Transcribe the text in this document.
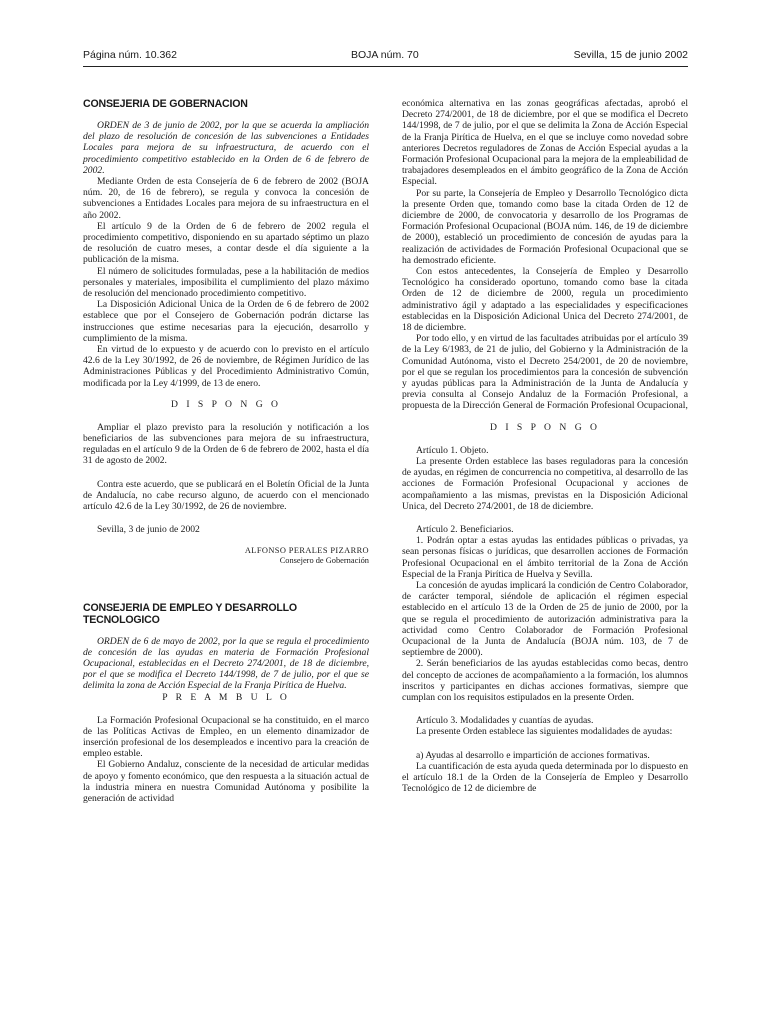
Página núm. 10.362	BOJA núm. 70	Sevilla, 15 de junio 2002
CONSEJERIA DE GOBERNACION

ORDEN de 3 de junio de 2002, por la que se acuerda la ampliación del plazo de resolución de concesión de las subvenciones a Entidades Locales para mejora de su infraestructura, de acuerdo con el procedimiento competitivo establecido en la Orden de 6 de febrero de 2002.

Mediante Orden de esta Consejería de 6 de febrero de 2002 (BOJA núm. 20, de 16 de febrero), se regula y convoca la concesión de subvenciones a Entidades Locales para mejora de su infraestructura en el año 2002.

El artículo 9 de la Orden de 6 de febrero de 2002 regula el procedimiento competitivo, disponiendo en su apartado séptimo un plazo de resolución de cuatro meses, a contar desde el día siguiente a la publicación de la misma.

El número de solicitudes formuladas, pese a la habilitación de medios personales y materiales, imposibilita el cumplimiento del plazo máximo de resolución del mencionado procedimiento competitivo.

La Disposición Adicional Unica de la Orden de 6 de febrero de 2002 establece que por el Consejero de Gobernación podrán dictarse las instrucciones que estime necesarias para la ejecución, desarrollo y cumplimiento de la misma.

En virtud de lo expuesto y de acuerdo con lo previsto en el artículo 42.6 de la Ley 30/1992, de 26 de noviembre, de Régimen Jurídico de las Administraciones Públicas y del Procedimiento Administrativo Común, modificada por la Ley 4/1999, de 13 de enero.

D I S P O N G O

Ampliar el plazo previsto para la resolución y notificación a los beneficiarios de las subvenciones para mejora de su infraestructura, reguladas en el artículo 9 de la Orden de 6 de febrero de 2002, hasta el día 31 de agosto de 2002.

Contra este acuerdo, que se publicará en el Boletín Oficial de la Junta de Andalucía, no cabe recurso alguno, de acuerdo con el mencionado artículo 42.6 de la Ley 30/1992, de 26 de noviembre.

Sevilla, 3 de junio de 2002

ALFONSO PERALES PIZARRO
Consejero de Gobernación
CONSEJERIA DE EMPLEO Y DESARROLLO TECNOLOGICO

ORDEN de 6 de mayo de 2002, por la que se regula el procedimiento de concesión de las ayudas en materia de Formación Profesional Ocupacional, establecidas en el Decreto 274/2001, de 18 de diciembre, por el que se modifica el Decreto 144/1998, de 7 de julio, por el que se delimita la zona de Acción Especial de la Franja Pirítica de Huelva.

P R E A M B U L O

La Formación Profesional Ocupacional se ha constituido, en el marco de las Políticas Activas de Empleo, en un elemento dinamizador de inserción profesional de los desempleados e incentivo para la creación de empleo estable.

El Gobierno Andaluz, consciente de la necesidad de articular medidas de apoyo y fomento económico, que den respuesta a la situación actual de la industria minera en nuestra Comunidad Autónoma y posibilite la generación de actividad

económica alternativa en las zonas geográficas afectadas, aprobó el Decreto 274/2001, de 18 de diciembre, por el que se modifica el Decreto 144/1998, de 7 de julio, por el que se delimita la Zona de Acción Especial de la Franja Pirítica de Huelva, en el que se incluye como novedad sobre anteriores Decretos reguladores de Zonas de Acción Especial ayudas a la Formación Profesional Ocupacional para la mejora de la empleabilidad de trabajadores desempleados en el ámbito geográfico de la Zona de Acción Especial.

Por su parte, la Consejería de Empleo y Desarrollo Tecnológico dicta la presente Orden que, tomando como base la citada Orden de 12 de diciembre de 2000, de convocatoria y desarrollo de los Programas de Formación Profesional Ocupacional (BOJA núm. 146, de 19 de diciembre de 2000), estableció un procedimiento de concesión de ayudas para la realización de actividades de Formación Profesional Ocupacional que se ha demostrado eficiente.

Con estos antecedentes, la Consejería de Empleo y Desarrollo Tecnológico ha considerado oportuno, tomando como base la citada Orden de 12 de diciembre de 2000, regula un procedimiento administrativo ágil y adaptado a las especialidades y especificaciones establecidas en la Disposición Adicional Unica del Decreto 274/2001, de 18 de diciembre.

Por todo ello, y en virtud de las facultades atribuidas por el artículo 39 de la Ley 6/1983, de 21 de julio, del Gobierno y la Administración de la Comunidad Autónoma, visto el Decreto 254/2001, de 20 de noviembre, por el que se regulan los procedimientos para la concesión de subvención y ayudas públicas para la Administración de la Junta de Andalucía y previa consulta al Consejo Andaluz de la Formación Profesional, a propuesta de la Dirección General de Formación Profesional Ocupacional,

D I S P O N G O

Artículo 1. Objeto.

La presente Orden establece las bases reguladoras para la concesión de ayudas, en régimen de concurrencia no competitiva, al desarrollo de las acciones de Formación Profesional Ocupacional y acciones de acompañamiento a las mismas, previstas en la Disposición Adicional Unica, del Decreto 274/2001, de 18 de diciembre.

Artículo 2. Beneficiarios.

1. Podrán optar a estas ayudas las entidades públicas o privadas, ya sean personas físicas o jurídicas, que desarrollen acciones de Formación Profesional Ocupacional en el ámbito territorial de la Zona de Acción Especial de la Franja Pirítica de Huelva y Sevilla.

La concesión de ayudas implicará la condición de Centro Colaborador, de carácter temporal, siéndole de aplicación el régimen especial establecido en el artículo 13 de la Orden de 25 de junio de 2000, por la que se regula el procedimiento de autorización administrativa para la actividad como Centro Colaborador de Formación Profesional Ocupacional de la Junta de Andalucía (BOJA núm. 103, de 7 de septiembre de 2000).

2. Serán beneficiarios de las ayudas establecidas como becas, dentro del concepto de acciones de acompañamiento a la formación, los alumnos inscritos y participantes en dichas acciones formativas, siempre que cumplan con los requisitos estipulados en la presente Orden.

Artículo 3. Modalidades y cuantías de ayudas.

La presente Orden establece las siguientes modalidades de ayudas:

a) Ayudas al desarrollo e impartición de acciones formativas.

La cuantificación de esta ayuda queda determinada por lo dispuesto en el artículo 18.1 de la Orden de la Consejería de Empleo y Desarrollo Tecnológico de 12 de diciembre de
